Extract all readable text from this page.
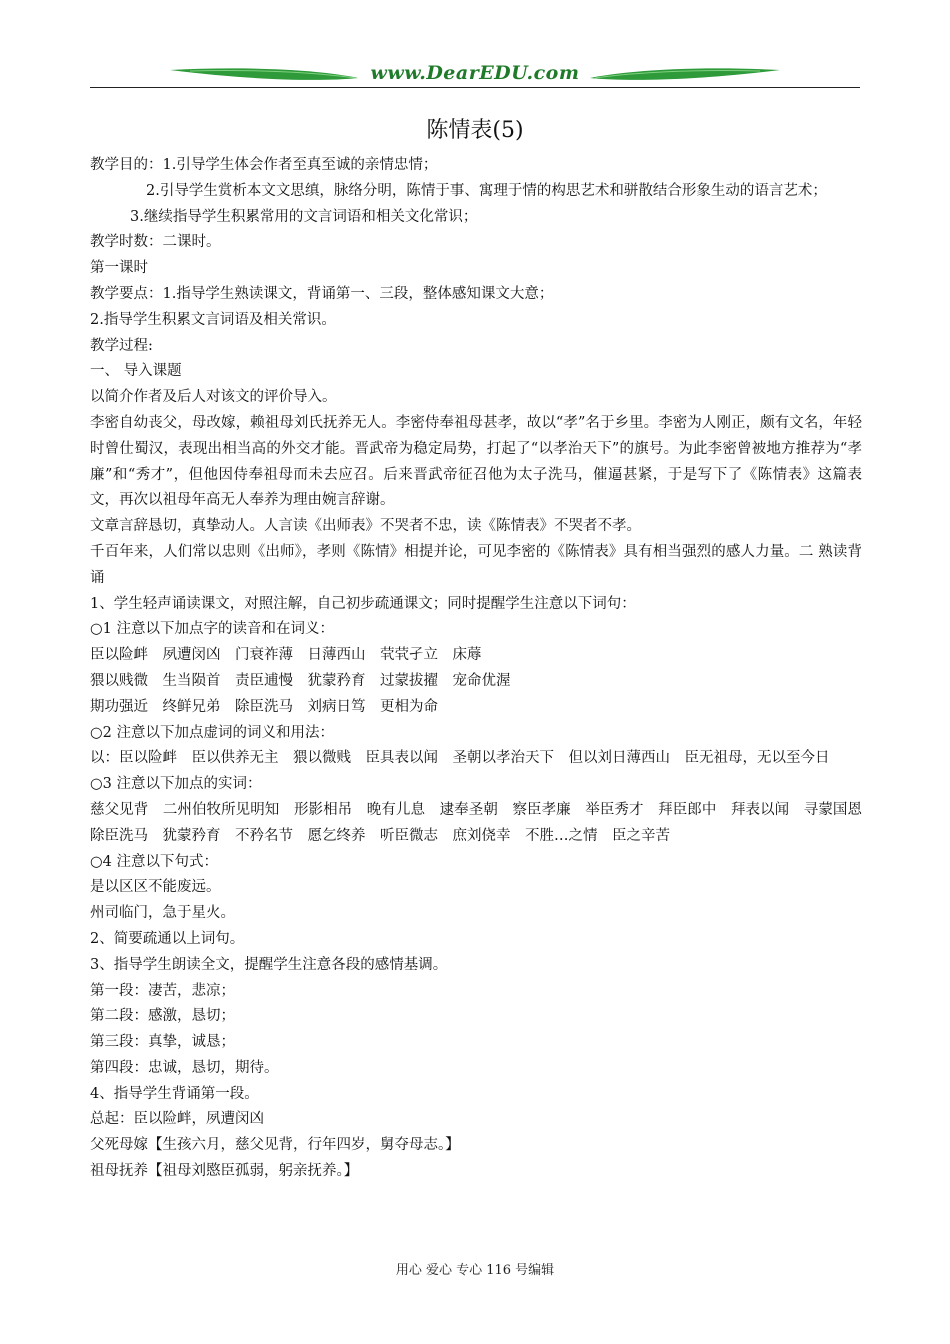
www.DearEDU.com
陈情表(5)
教学目的：1.引导学生体会作者至真至诚的亲情忠情；
2.引导学生赏析本文文思缜，脉络分明，陈情于事、寓理于情的构思艺术和骈散结合形象生动的语言艺术；
3.继续指导学生积累常用的文言词语和相关文化常识；
教学时数：二课时。
第一课时
教学要点：1.指导学生熟读课文，背诵第一、三段，整体感知课文大意；
2.指导学生积累文言词语及相关常识。
教学过程:
一、 导入课题
以简介作者及后人对该文的评价导入。
李密自幼丧父，母改嫁，赖祖母刘氏抚养无人。李密侍奉祖母甚孝，故以“孝”名于乡里。李密为人刚正，颇有文名，年轻时曾仕蜀汉，表现出相当高的外交才能。晋武帝为稳定局势，打起了“以孝治天下”的旗号。为此李密曾被地方推荐为“孝廉”和“秀才”，但他因侍奉祖母而未去应召。后来晋武帝征召他为太子洗马，催逼甚紧，于是写下了《陈情表》这篇表文，再次以祖母年高无人奉养为理由婉言辞谢。
文章言辞恳切，真挚动人。人言读《出师表》不哭者不忠，读《陈情表》不哭者不孝。
千百年来，人们常以忠则《出师》，孝则《陈情》相提并论，可见李密的《陈情表》具有相当强烈的感人力量。二 熟读背诵
1、学生轻声诵读课文，对照注解，自己初步疏通课文；同时提醒学生注意以下词句：
○1 注意以下加点字的读音和在词义：
臣以险衅　夙遭闵凶　门衰祚薄　日薄西山　茕茕孑立　床蓐
猥以贱微　生当陨首　责臣逋慢　犹蒙矜育　过蒙拔擢　宠命优渥
期功强近　终鲜兄弟　除臣洗马　刘病日笃　更相为命
○2 注意以下加点虚词的词义和用法：
以：臣以险衅　臣以供养无主　猥以微贱　臣具表以闻　圣朝以孝治天下　但以刘日薄西山　臣无祖母，无以至今日
○3 注意以下加点的实词：
慈父见背　二州伯牧所见明知　形影相吊　晚有儿息　逮奉圣朝　察臣孝廉　举臣秀才　拜臣郎中　拜表以闻　寻蒙国恩　除臣洗马　犹蒙矜育　不矜名节　愿乞终养　听臣微志　庶刘侥幸　不胜…之情　臣之辛苦
○4 注意以下句式：
是以区区不能废远。
州司临门，急于星火。
2、简要疏通以上词句。
3、指导学生朗读全文，提醒学生注意各段的感情基调。
第一段：凄苦，悲凉；
第二段：感激，恳切；
第三段：真挚，诚恳；
第四段：忠诚，恳切，期待。
4、指导学生背诵第一段。
总起：臣以险衅，夙遭闵凶
父死母嫁【生孩六月，慈父见背，行年四岁，舅夺母志。】
祖母抚养【祖母刘愍臣孤弱，躬亲抚养。】
用心 爱心 专心 116 号编辑
